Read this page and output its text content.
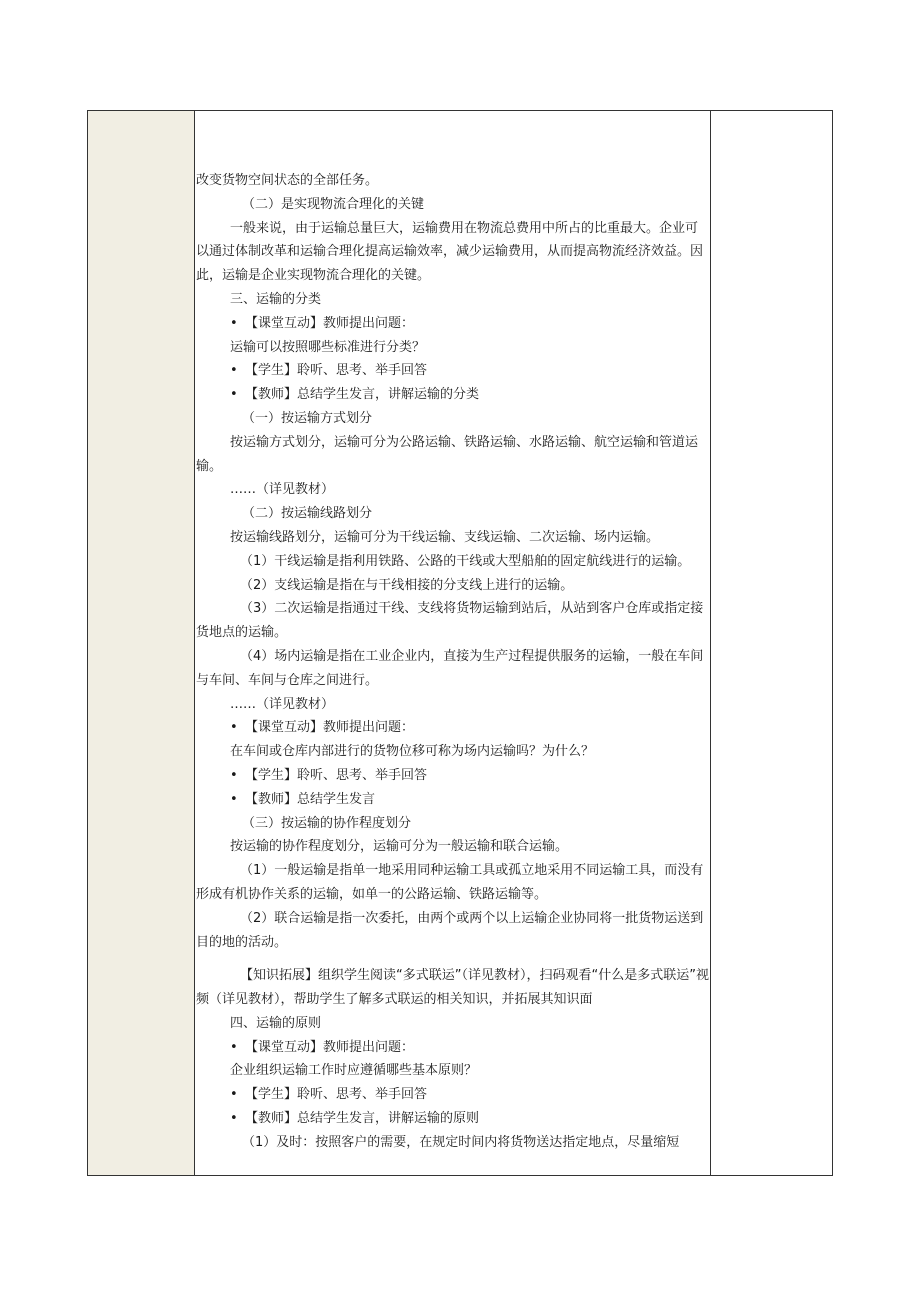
改变货物空间状态的全部任务。

（二）是实现物流合理化的关键

一般来说，由于运输总量巨大，运输费用在物流总费用中所占的比重最大。企业可以通过体制改革和运输合理化提高运输效率，减少运输费用，从而提高物流经济效益。因此，运输是企业实现物流合理化的关键。

三、运输的分类

• 【课堂互动】教师提出问题：

运输可以按照哪些标准进行分类？

• 【学生】聆听、思考、举手回答

• 【教师】总结学生发言，讲解运输的分类

（一）按运输方式划分

按运输方式划分，运输可分为公路运输、铁路运输、水路运输、航空运输和管道运输。

……（详见教材）

（二）按运输线路划分

按运输线路划分，运输可分为干线运输、支线运输、二次运输、场内运输。

（1）干线运输是指利用铁路、公路的干线或大型船舶的固定航线进行的运输。

（2）支线运输是指在与干线相接的分支线上进行的运输。

（3）二次运输是指通过干线、支线将货物运输到站后，从站到客户仓库或指定接货地点的运输。

（4）场内运输是指在工业企业内，直接为生产过程提供服务的运输，一般在车间与车间、车间与仓库之间进行。

……（详见教材）

• 【课堂互动】教师提出问题：

在车间或仓库内部进行的货物位移可称为场内运输吗？为什么？

• 【学生】聆听、思考、举手回答

• 【教师】总结学生发言

（三）按运输的协作程度划分

按运输的协作程度划分，运输可分为一般运输和联合运输。

（1）一般运输是指单一地采用同种运输工具或孤立地采用不同运输工具，而没有形成有机协作关系的运输，如单一的公路运输、铁路运输等。

（2）联合运输是指一次委托，由两个或两个以上运输企业协同将一批货物运送到目的地的活动。

【知识拓展】组织学生阅读“多式联运”（详见教材），扫码观看“什么是多式联运”视频（详见教材），帮助学生了解多式联运的相关知识，并拓展其知识面

四、运输的原则

• 【课堂互动】教师提出问题：

企业组织运输工作时应遵循哪些基本原则？

• 【学生】聆听、思考、举手回答

• 【教师】总结学生发言，讲解运输的原则

（1）及时：按照客户的需要，在规定时间内将货物送达指定地点，尽量缩短
